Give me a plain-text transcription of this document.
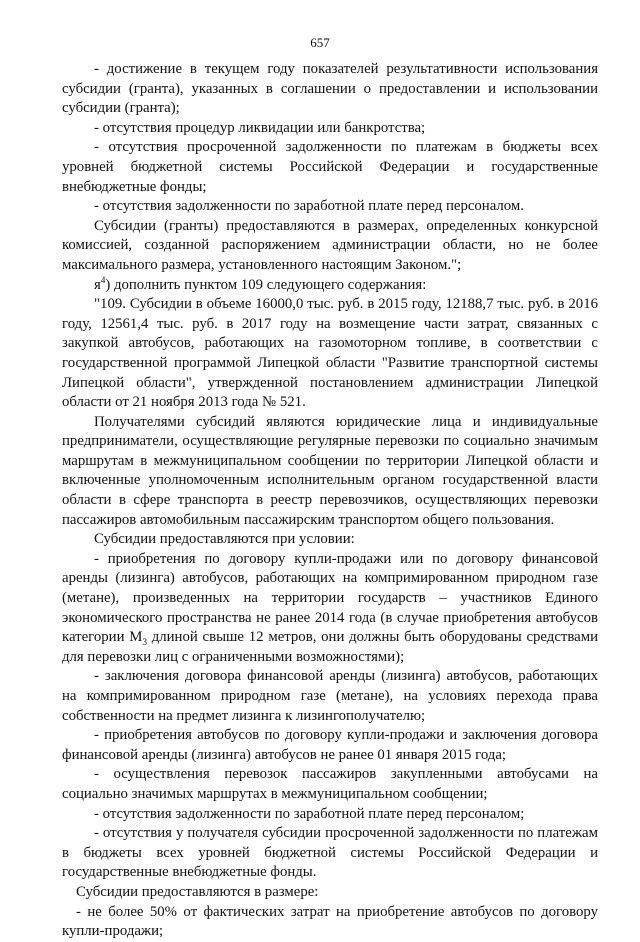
657

- достижение в текущем году показателей результативности использования субсидии (гранта), указанных в соглашении о предоставлении и использовании субсидии (гранта);

- отсутствия процедур ликвидации или банкротства;

- отсутствия просроченной задолженности по платежам в бюджеты всех уровней бюджетной системы Российской Федерации и государственные внебюджетные фонды;

- отсутствия задолженности по заработной плате перед персоналом.

Субсидии (гранты) предоставляются в размерах, определенных конкурсной комиссией, созданной распоряжением администрации области, но не более максимального размера, установленного настоящим Законом.";

$я^4$) дополнить пунктом 109 следующего содержания:

"109. Субсидии в объеме 16000,0 тыс. руб. в 2015 году, 12188,7 тыс. руб. в 2016 году, 12561,4 тыс. руб. в 2017 году на возмещение части затрат, связанных с закупкой автобусов, работающих на газомоторном топливе, в соответствии с государственной программой Липецкой области "Развитие транспортной системы Липецкой области", утвержденной постановлением администрации Липецкой области от 21 ноября 2013 года № 521.

Получателями субсидий являются юридические лица и индивидуальные предприниматели, осуществляющие регулярные перевозки по социально значимым маршрутам в межмуниципальном сообщении по территории Липецкой области и включенные уполномоченным исполнительным органом государственной власти области в сфере транспорта в реестр перевозчиков, осуществляющих перевозки пассажиров автомобильным пассажирским транспортом общего пользования.

Субсидии предоставляются при условии:

- приобретения по договору купли-продажи или по договору финансовой аренды (лизинга) автобусов, работающих на компримированном природном газе (метане), произведенных на территории государств – участников Единого экономического пространства не ранее 2014 года (в случае приобретения автобусов категории $М_3$ длиной свыше 12 метров, они должны быть оборудованы средствами для перевозки лиц с ограниченными возможностями);

- заключения договора финансовой аренды (лизинга) автобусов, работающих на компримированном природном газе (метане), на условиях перехода права собственности на предмет лизинга к лизингополучателю;

- приобретения автобусов по договору купли-продажи и заключения договора финансовой аренды (лизинга) автобусов не ранее 01 января 2015 года;

- осуществления перевозок пассажиров закупленными автобусами на социально значимых маршрутах в межмуниципальном сообщении;

- отсутствия задолженности по заработной плате перед персоналом;

- отсутствия у получателя субсидии просроченной задолженности по платежам в бюджеты всех уровней бюджетной системы Российской Федерации и государственные внебюджетные фонды.

Субсидии предоставляются в размере:

- не более 50% от фактических затрат на приобретение автобусов по договору купли-продажи;
